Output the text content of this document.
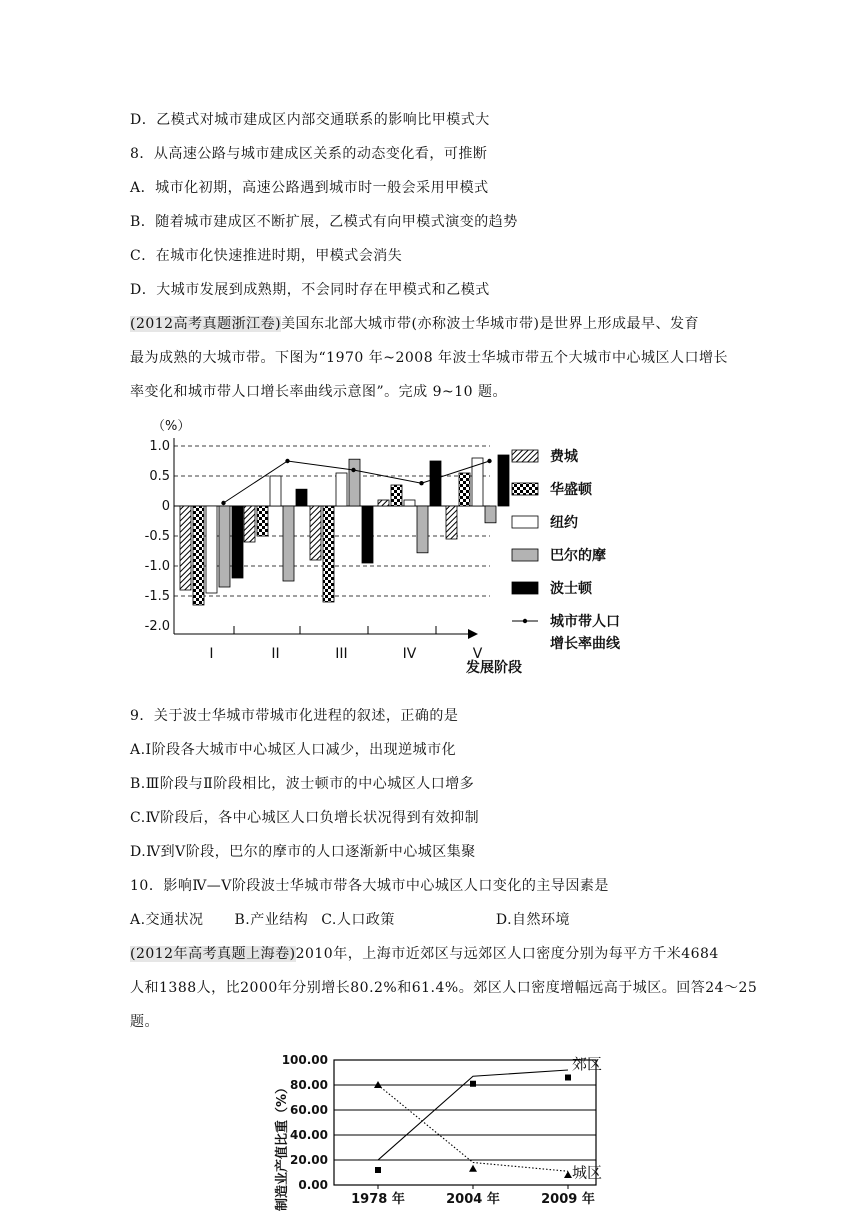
D．乙模式对城市建成区内部交通联系的影响比甲模式大
8．从高速公路与城市建成区关系的动态变化看，可推断
A．城市化初期，高速公路遇到城市时一般会采用甲模式
B．随着城市建成区不断扩展，乙模式有向甲模式演变的趋势
C．在城市化快速推进时期，甲模式会消失
D．大城市发展到成熟期，不会同时存在甲模式和乙模式
(2012高考真题浙江卷)美国东北部大城市带(亦称波士华城市带)是世界上形成最早、发育
最为成熟的大城市带。下图为“1970 年~2008 年波士华城市带五个大城市中心城区人口增长
率变化和城市带人口增长率曲线示意图”。完成 9~10 题。
（%）
发展阶段
1.0
0.5
0
-0.5
-1.0
-1.5
-2.0
I	II	III	IV	V
费城
华盛顿
纽约
巴尔的摩
波士顿
城市带人口
增长率曲线
9．关于波士华城市带城市化进程的叙述，正确的是
A.Ⅰ阶段各大城市中心城区人口减少，出现逆城市化
B.Ⅲ阶段与Ⅱ阶段相比，波士顿市的中心城区人口增多
C.Ⅳ阶段后，各中心城区人口负增长状况得到有效抑制
D.Ⅳ到Ⅴ阶段，巴尔的摩市的人口逐渐新中心城区集聚
10．影响Ⅳ—Ⅴ阶段波士华城市带各大城市中心城区人口变化的主导因素是
A.交通状况 B.产业结构 C.人口政策	D.自然环境
(2012年高考真题上海卷)2010年，上海市近郊区与远郊区人口密度分别为每平方千米4684
人和1388人，比2000年分别增长80.2%和61.4%。郊区人口密度增幅远高于城区。回答24～25
题。
制造业产值比重（%）
100.00
80.00
60.00
40.00
20.00
0.00
1978 年	2004 年	2009 年
郊区
城区
